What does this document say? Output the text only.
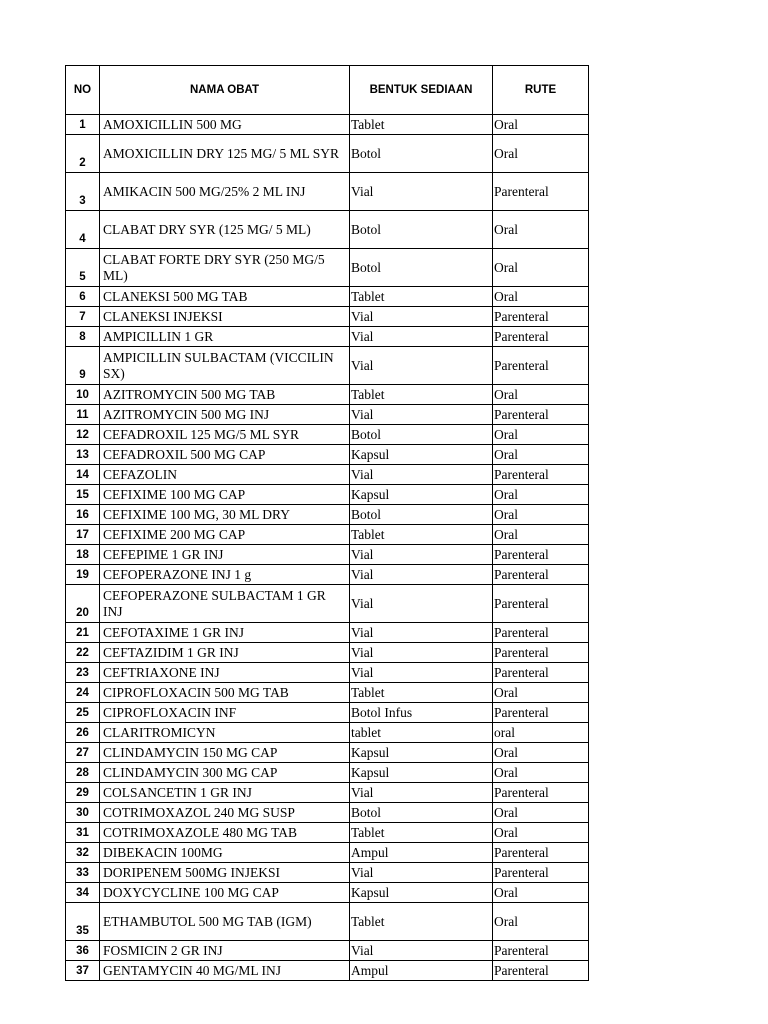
NO	NAMA OBAT	BENTUK SEDIAAN	RUTE
1	AMOXICILLIN 500 MG	Tablet	Oral
2	AMOXICILLIN DRY 125 MG/ 5 ML SYR	Botol	Oral
3	AMIKACIN 500 MG/25% 2 ML INJ	Vial	Parenteral
4	CLABAT DRY SYR (125 MG/ 5 ML)	Botol	Oral
5	CLABAT FORTE DRY SYR (250 MG/5 ML)	Botol	Oral
6	CLANEKSI 500 MG TAB	Tablet	Oral
7	CLANEKSI INJEKSI	Vial	Parenteral
8	AMPICILLIN 1 GR	Vial	Parenteral
9	AMPICILLIN SULBACTAM (VICCILIN SX)	Vial	Parenteral
10	AZITROMYCIN 500 MG TAB	Tablet	Oral
11	AZITROMYCIN 500 MG INJ	Vial	Parenteral
12	CEFADROXIL 125 MG/5 ML SYR	Botol	Oral
13	CEFADROXIL 500 MG CAP	Kapsul	Oral
14	CEFAZOLIN	Vial	Parenteral
15	CEFIXIME 100 MG CAP	Kapsul	Oral
16	CEFIXIME 100 MG, 30 ML DRY	Botol	Oral
17	CEFIXIME 200 MG CAP	Tablet	Oral
18	CEFEPIME 1 GR INJ	Vial	Parenteral
19	CEFOPERAZONE INJ 1 g	Vial	Parenteral
20	CEFOPERAZONE SULBACTAM 1 GR INJ	Vial	Parenteral
21	CEFOTAXIME 1 GR INJ	Vial	Parenteral
22	CEFTAZIDIM 1 GR INJ	Vial	Parenteral
23	CEFTRIAXONE INJ	Vial	Parenteral
24	CIPROFLOXACIN 500 MG TAB	Tablet	Oral
25	CIPROFLOXACIN INF	Botol Infus	Parenteral
26	CLARITROMICYN	tablet	oral
27	CLINDAMYCIN 150 MG CAP	Kapsul	Oral
28	CLINDAMYCIN 300 MG CAP	Kapsul	Oral
29	COLSANCETIN 1 GR INJ	Vial	Parenteral
30	COTRIMOXAZOL 240 MG SUSP	Botol	Oral
31	COTRIMOXAZOLE 480 MG TAB	Tablet	Oral
32	DIBEKACIN 100MG	Ampul	Parenteral
33	DORIPENEM 500MG INJEKSI	Vial	Parenteral
34	DOXYCYCLINE 100 MG CAP	Kapsul	Oral
35	ETHAMBUTOL 500 MG TAB (IGM)	Tablet	Oral
36	FOSMICIN 2 GR INJ	Vial	Parenteral
37	GENTAMYCIN 40 MG/ML INJ	Ampul	Parenteral
